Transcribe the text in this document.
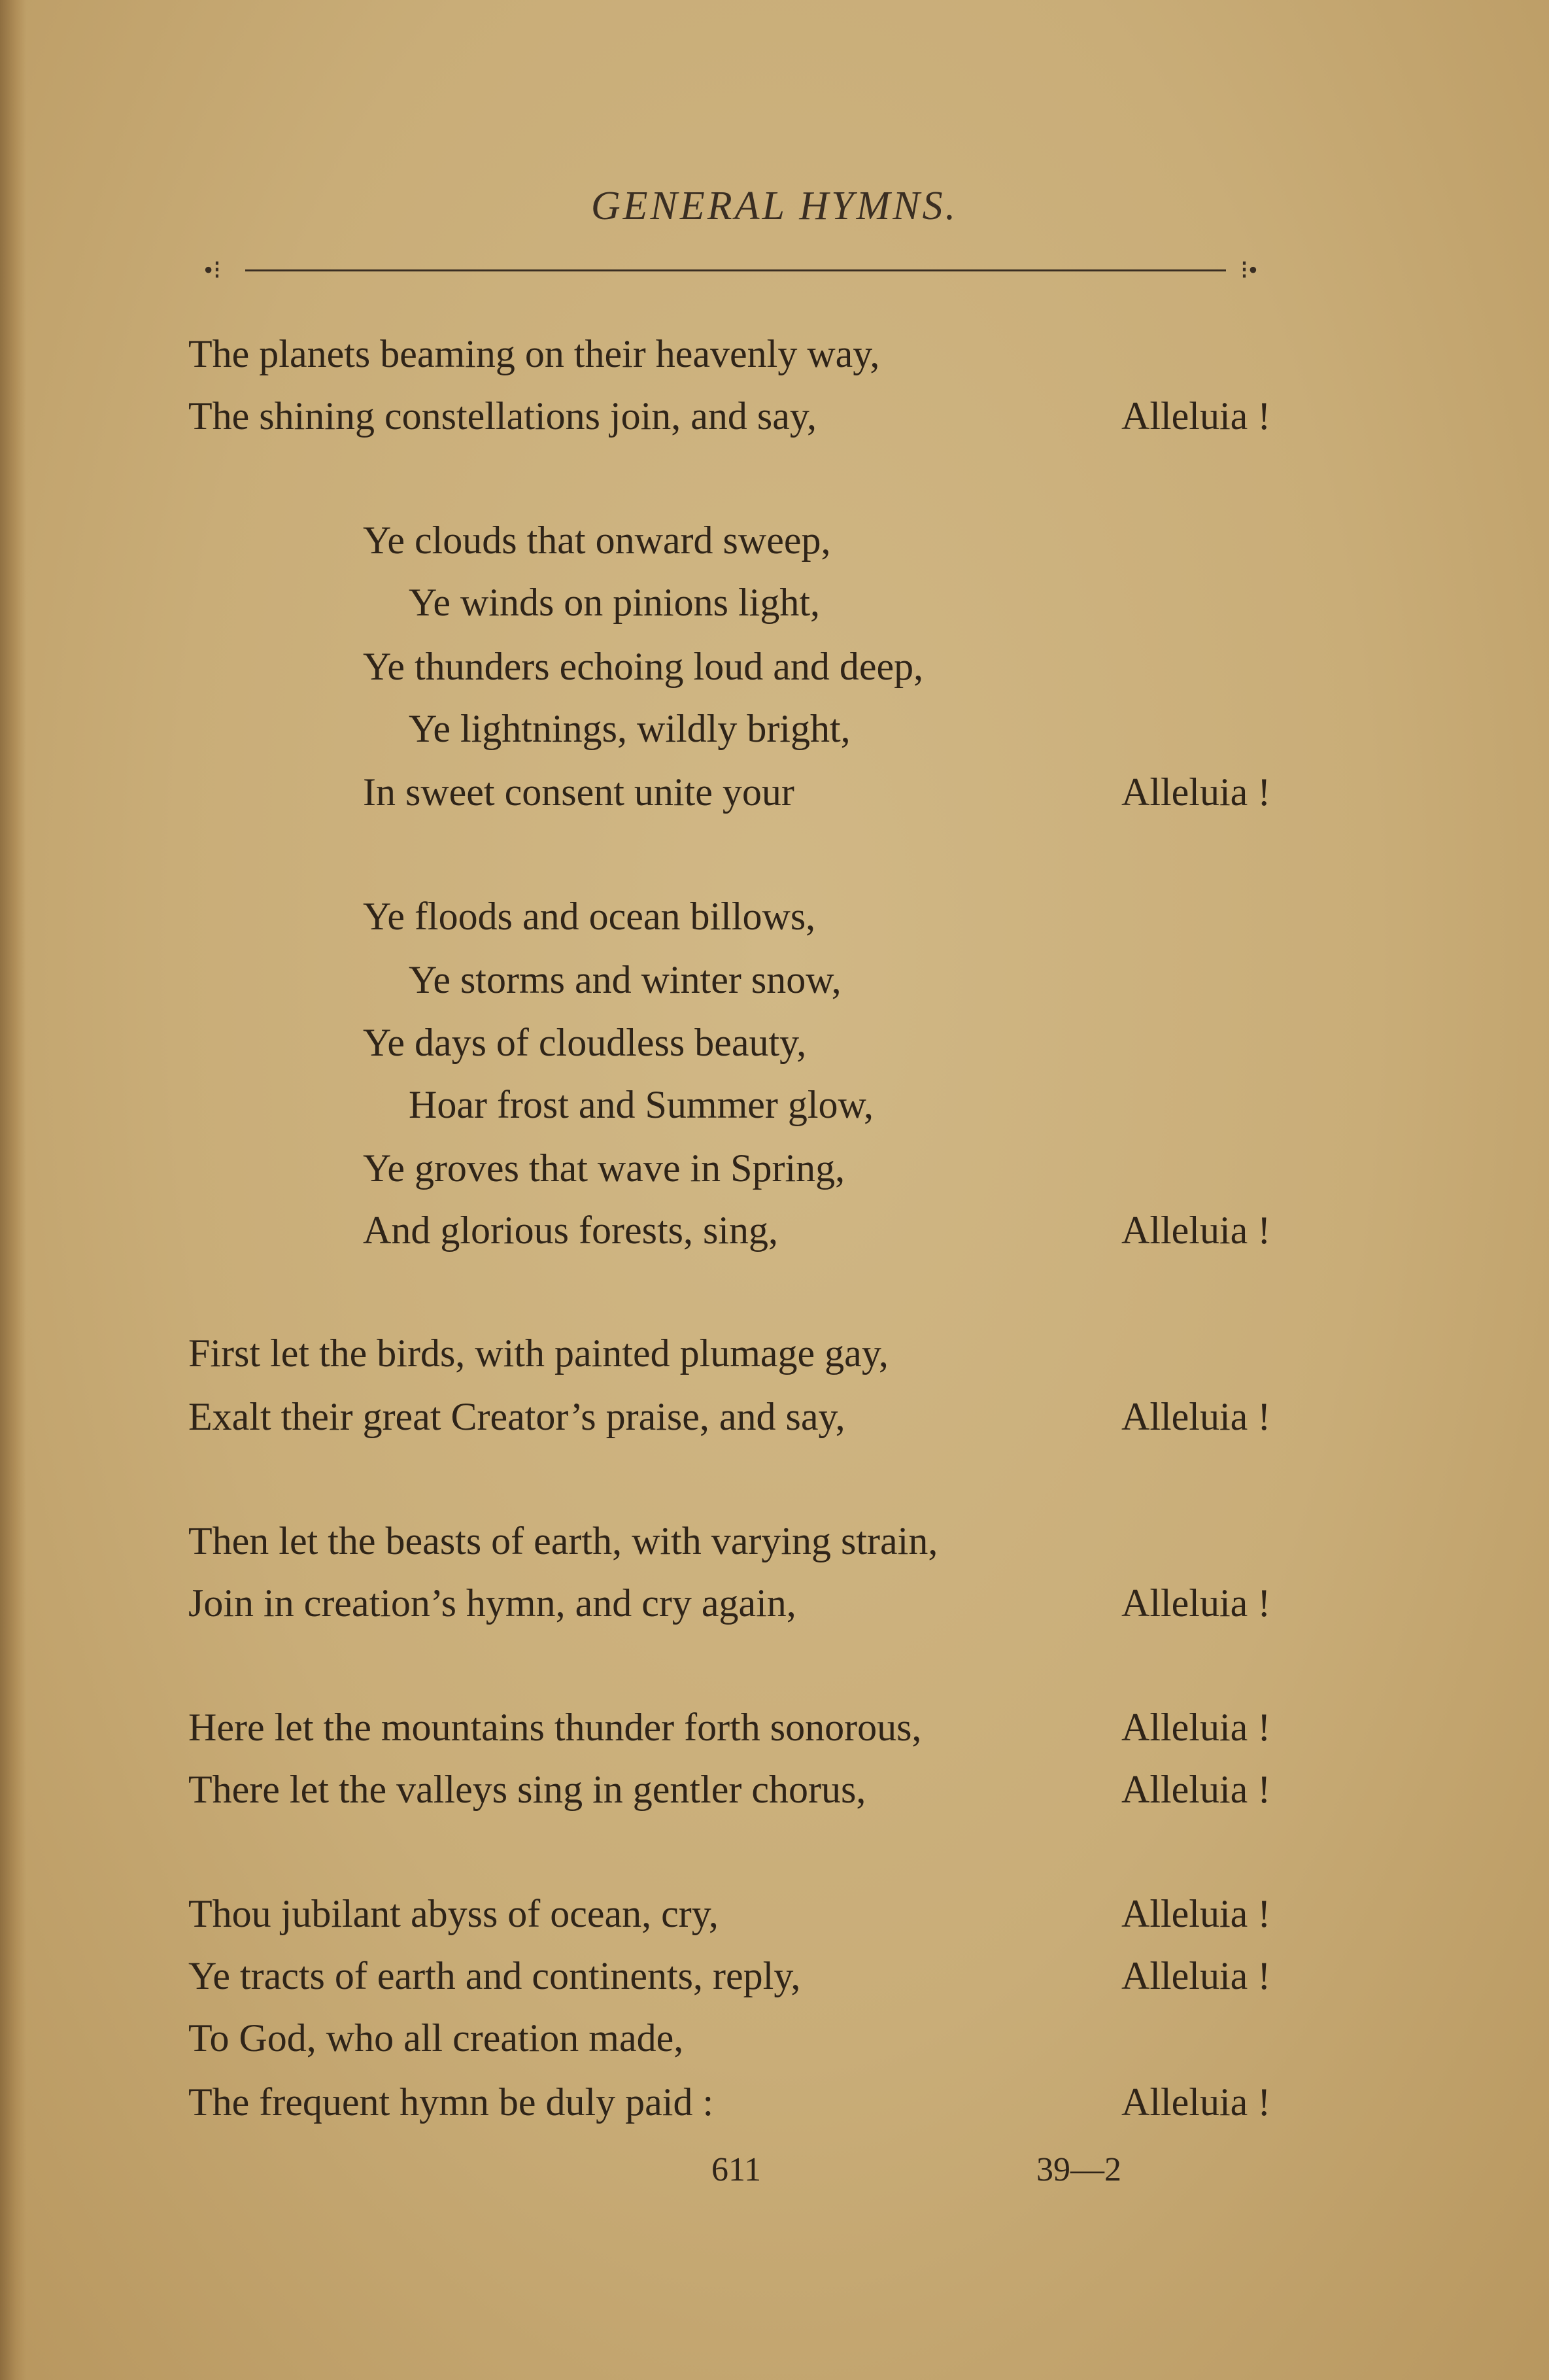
GENERAL HYMNS.
•⁝	⁝•
The planets beaming on their heavenly way,
The shining constellations join, and say,	Alleluia !
Ye clouds that onward sweep,
Ye winds on pinions light,
Ye thunders echoing loud and deep,
Ye lightnings, wildly bright,
In sweet consent unite your	Alleluia !
Ye floods and ocean billows,
Ye storms and winter snow,
Ye days of cloudless beauty,
Hoar frost and Summer glow,
Ye groves that wave in Spring,
And glorious forests, sing,	Alleluia !
First let the birds, with painted plumage gay,
Exalt their great Creator’s praise, and say,	Alleluia !
Then let the beasts of earth, with varying strain,
Join in creation’s hymn, and cry again,	Alleluia !
Here let the mountains thunder forth sonorous,	Alleluia !
There let the valleys sing in gentler chorus,	Alleluia !
Thou jubilant abyss of ocean, cry,	Alleluia !
Ye tracts of earth and continents, reply,	Alleluia !
To God, who all creation made,
The frequent hymn be duly paid :	Alleluia !
611	39—2
